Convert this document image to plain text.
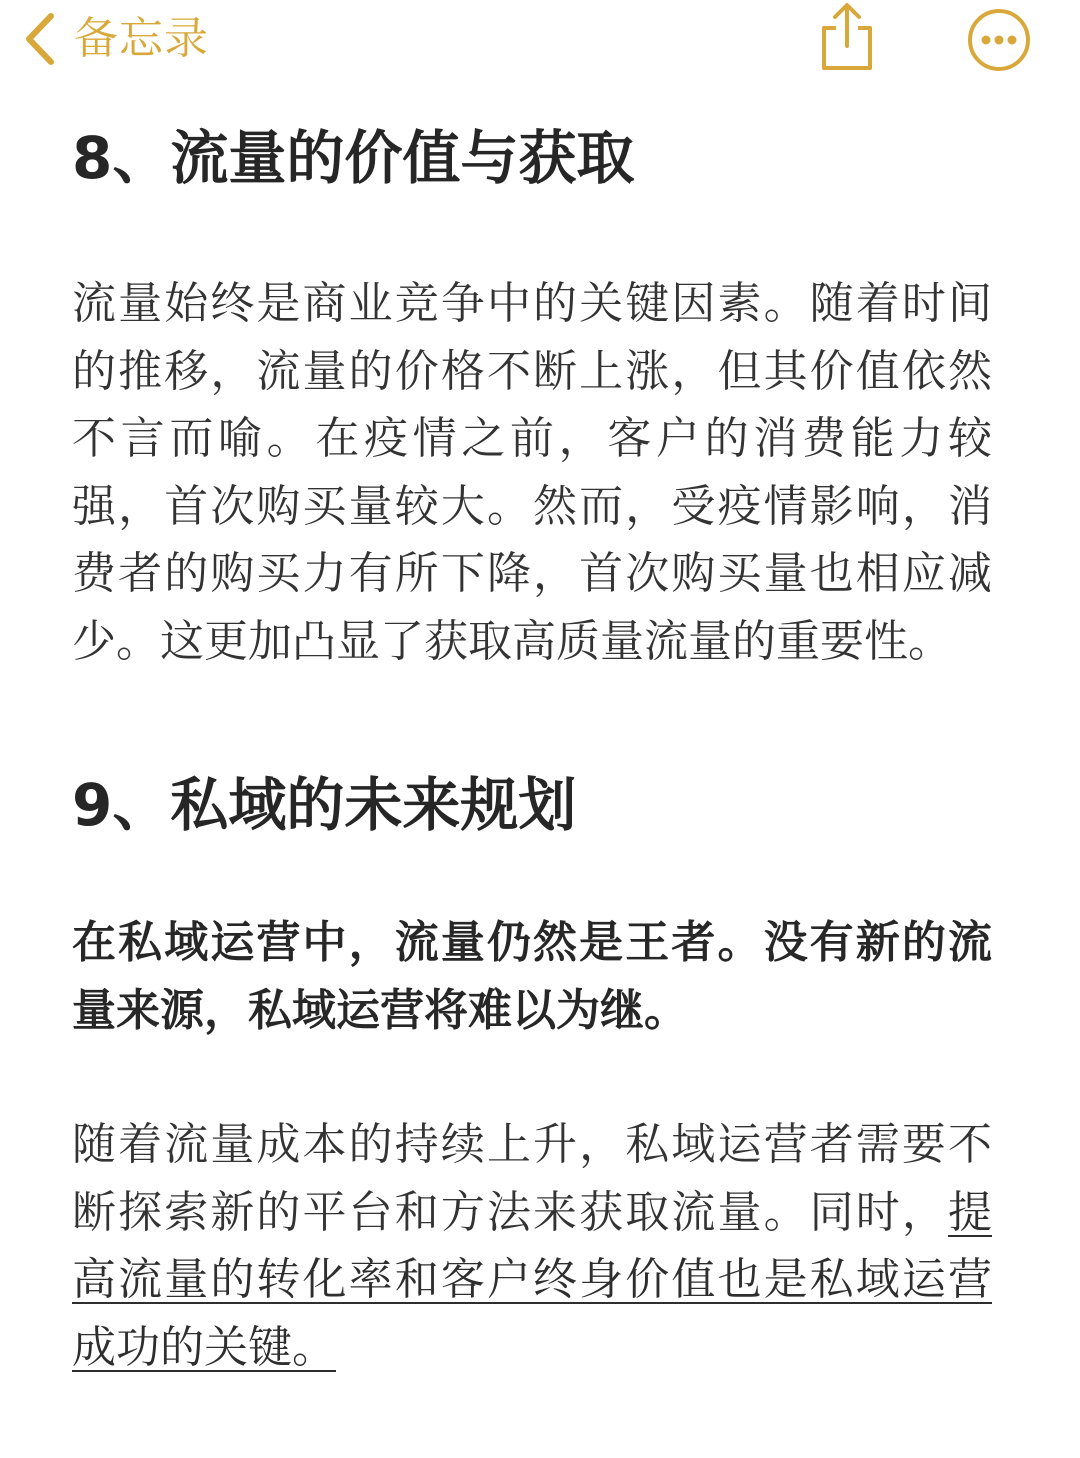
备忘录
8、流量的价值与获取

流量始终是商业竞争中的关键因素。随着时间的推移，流量的价格不断上涨，但其价值依然不言而喻。在疫情之前，客户的消费能力较强，首次购买量较大。然而，受疫情影响，消费者的购买力有所下降，首次购买量也相应减少。这更加凸显了获取高质量流量的重要性。

9、私域的未来规划

在私域运营中，流量仍然是王者。没有新的流量来源，私域运营将难以为继。

随着流量成本的持续上升，私域运营者需要不断探索新的平台和方法来获取流量。同时，提高流量的转化率和客户终身价值也是私域运营成功的关键。
